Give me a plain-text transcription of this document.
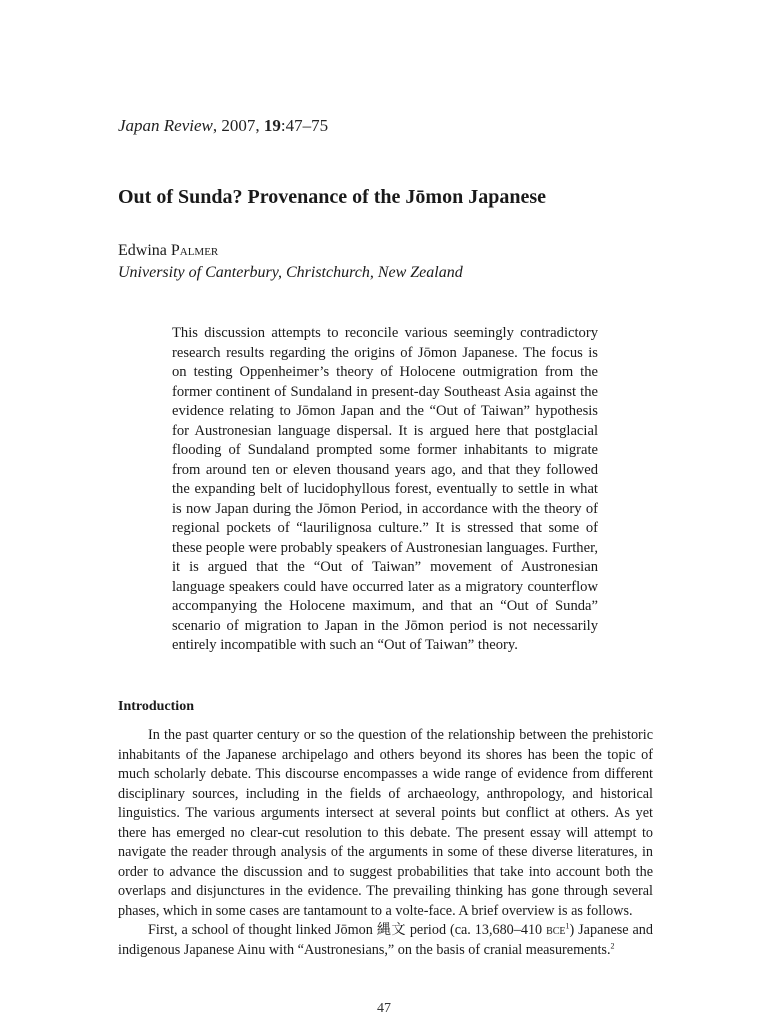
Japan Review, 2007, 19:47–75
Out of Sunda? Provenance of the Jōmon Japanese
Edwina Palmer
University of Canterbury, Christchurch, New Zealand
This discussion attempts to reconcile various seemingly contradictory research results regarding the origins of Jōmon Japanese. The focus is on testing Oppenheimer’s theory of Holocene outmigration from the former continent of Sundaland in present-day Southeast Asia against the evidence relating to Jōmon Japan and the “Out of Taiwan” hypothesis for Austronesian language dispersal. It is argued here that postglacial flooding of Sundaland prompted some former inhabitants to migrate from around ten or eleven thousand years ago, and that they followed the expanding belt of lucidophyllous forest, eventually to settle in what is now Japan during the Jōmon Period, in accordance with the theory of regional pockets of “laurilignosa culture.” It is stressed that some of these people were probably speakers of Austronesian languages. Further, it is argued that the “Out of Taiwan” movement of Austronesian language speakers could have occurred later as a migratory counterflow accompanying the Holocene maximum, and that an “Out of Sunda” scenario of migration to Japan in the Jōmon period is not necessarily entirely incompatible with such an “Out of Taiwan” theory.
Introduction

In the past quarter century or so the question of the relationship between the prehistoric inhabitants of the Japanese archipelago and others beyond its shores has been the topic of much scholarly debate. This discourse encompasses a wide range of evidence from different disciplinary sources, including in the fields of archaeology, anthropology, and historical linguistics. The various arguments intersect at several points but conflict at others. As yet there has emerged no clear-cut resolution to this debate. The present essay will attempt to navigate the reader through analysis of the arguments in some of these diverse literatures, in order to advance the discussion and to suggest probabilities that take into account both the overlaps and disjunctures in the evidence. The prevailing thinking has gone through several phases, which in some cases are tantamount to a volte-face. A brief overview is as follows.

First, a school of thought linked Jōmon 縄文 period (ca. 13,680–410 bce$^1$) Japanese and indigenous Japanese Ainu with “Austronesians,” on the basis of cranial measurements.$^2$

47
